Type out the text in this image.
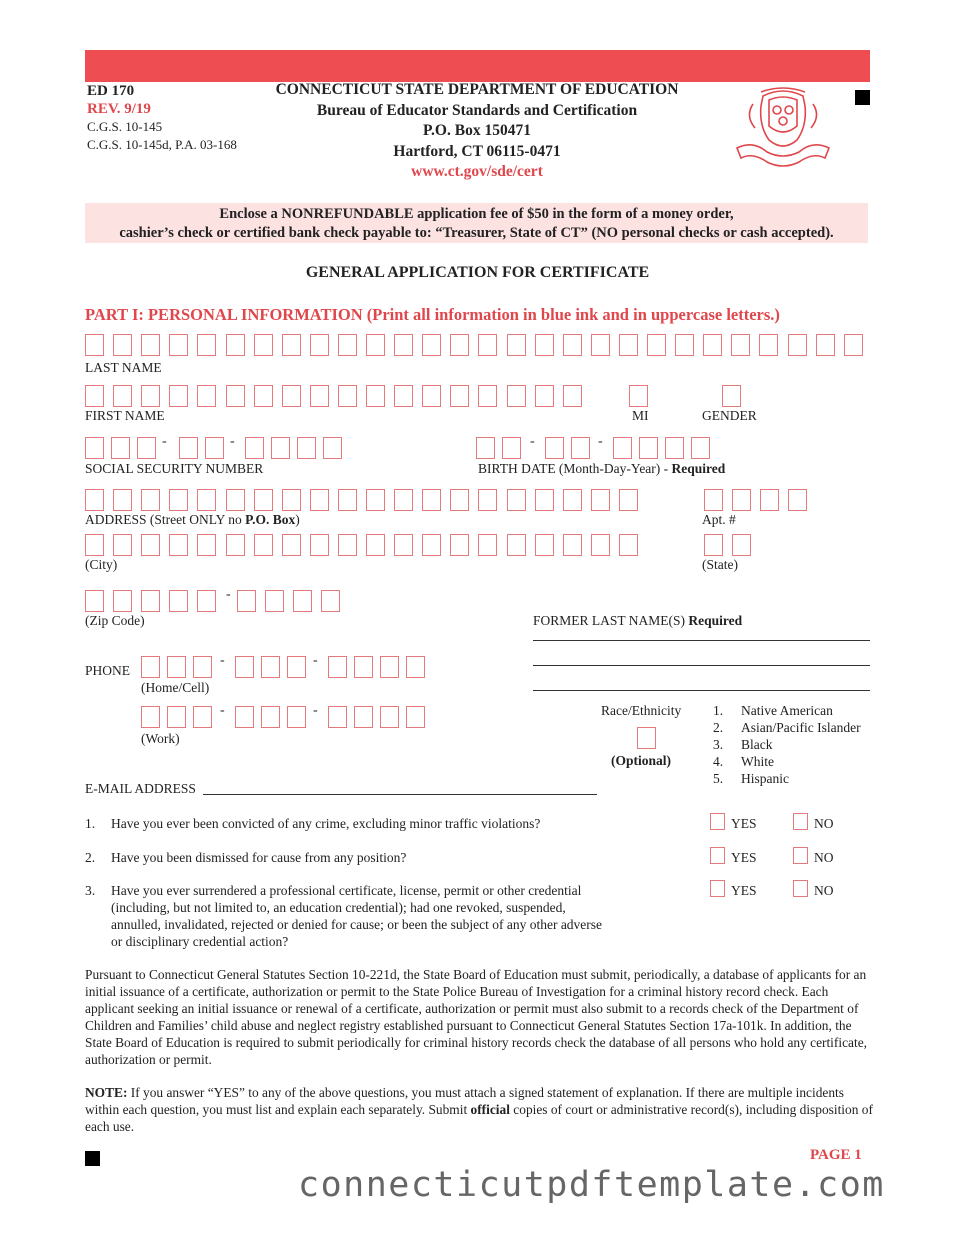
ED 170
REV. 9/19
C.G.S. 10-145
C.G.S. 10-145d, P.A. 03-168
CONNECTICUT STATE DEPARTMENT OF EDUCATION
Bureau of Educator Standards and Certification
P.O. Box 150471
Hartford, CT 06115-0471
www.ct.gov/sde/cert
Enclose a NONREFUNDABLE application fee of $50 in the form of a money order,
cashier’s check or certified bank check payable to: “Treasurer, State of CT” (NO personal checks or cash accepted).
GENERAL APPLICATION FOR CERTIFICATE
PART I: PERSONAL INFORMATION (Print all information in blue ink and in uppercase letters.)
-	-	-	-
-
-	-
-	-
LAST NAME
FIRST NAME	MI	GENDER
SOCIAL SECURITY NUMBER	BIRTH DATE (Month-Day-Year) - Required
ADDRESS (Street ONLY no P.O. Box)	Apt. #
(City)	(State)
(Zip Code)	FORMER LAST NAME(S) Required
PHONE
(Home/Cell)
(Work)
Race/Ethnicity
(Optional)
1. Native American
2. Asian/Pacific Islander
3. Black
4. White
5. Hispanic
E-MAIL ADDRESS
1. Have you ever been convicted of any crime, excluding minor traffic violations?	YES	NO
2. Have you been dismissed for cause from any position?	YES	NO
3. Have you ever surrendered a professional certificate, license, permit or other credential (including, but not limited to, an education credential); had one revoked, suspended, annulled, invalidated, rejected or denied for cause; or been the subject of any other adverse or disciplinary credential action?
YES	NO
Pursuant to Connecticut General Statutes Section 10-221d, the State Board of Education must submit, periodically, a database of applicants for an initial issuance of a certificate, authorization or permit to the State Police Bureau of Investigation for a criminal history record check. Each applicant seeking an initial issuance or renewal of a certificate, authorization or permit must also submit to a records check of the Department of Children and Families’ child abuse and neglect registry established pursuant to Connecticut General Statutes Section 17a-101k. In addition, the State Board of Education is required to submit periodically for criminal history records check the database of all persons who hold any certificate, authorization or permit.
NOTE: If you answer “YES” to any of the above questions, you must attach a signed statement of explanation. If there are multiple incidents within each question, you must list and explain each separately. Submit official copies of court or administrative record(s), including disposition of each use.
PAGE 1
connecticutpdftemplate.com
